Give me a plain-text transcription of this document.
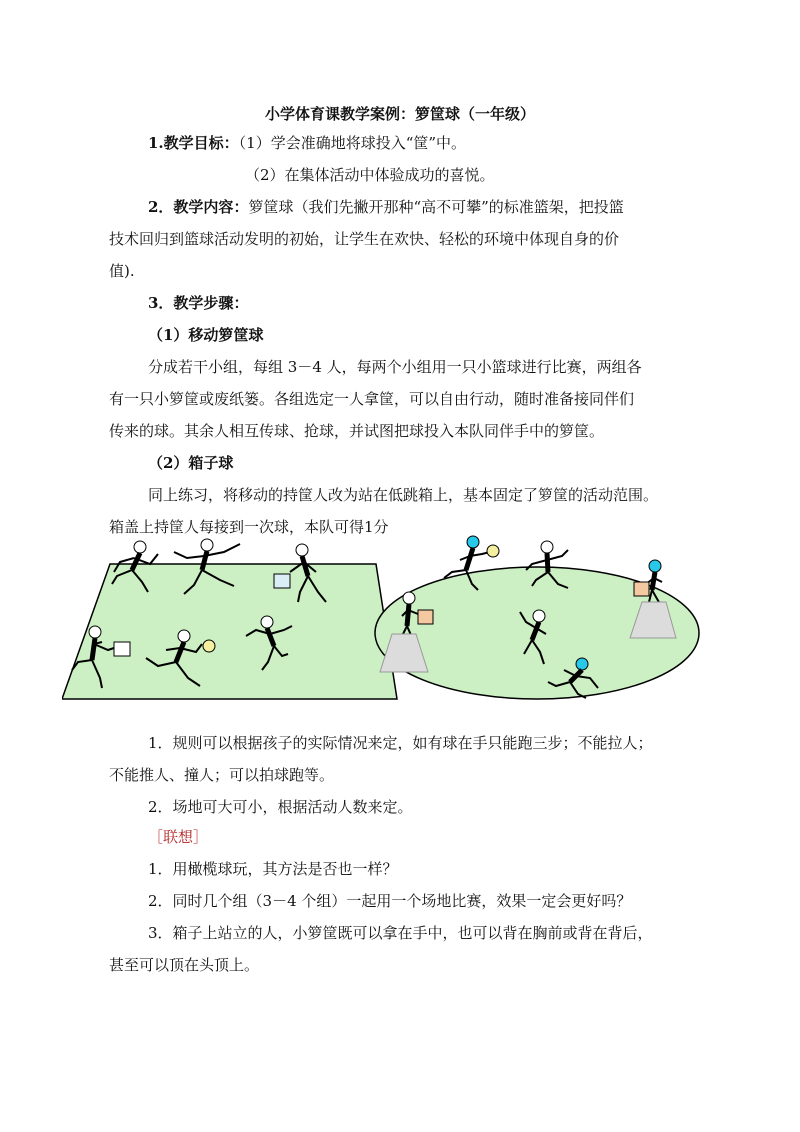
小学体育课教学案例：箩筐球（一年级）
1.教学目标：（1）学会准确地将球投入“筐”中。
（2）在集体活动中体验成功的喜悦。
2．教学内容：箩筐球（我们先撇开那种“高不可攀”的标准篮架，把投篮
技术回归到篮球活动发明的初始，让学生在欢快、轻松的环境中体现自身的价
值).
3．教学步骤：
（1）移动箩筐球
分成若干小组，每组 3－4 人，每两个小组用一只小篮球进行比赛，两组各
有一只小箩筐或废纸篓。各组选定一人拿筐，可以自由行动，随时准备接同伴们
传来的球。其余人相互传球、抢球，并试图把球投入本队同伴手中的箩筐。
（2）箱子球
同上练习，将移动的持筐人改为站在低跳箱上，基本固定了箩筐的活动范围。
箱盖上持筐人每接到一次球，本队可得1分
1．规则可以根据孩子的实际情况来定，如有球在手只能跑三步；不能拉人；
不能推人、撞人；可以拍球跑等。
2．场地可大可小，根据活动人数来定。
［联想］
1．用橄榄球玩，其方法是否也一样？
2．同时几个组（3－4 个组）一起用一个场地比赛，效果一定会更好吗？
3．箱子上站立的人，小箩筐既可以拿在手中，也可以背在胸前或背在背后，
甚至可以顶在头顶上。
